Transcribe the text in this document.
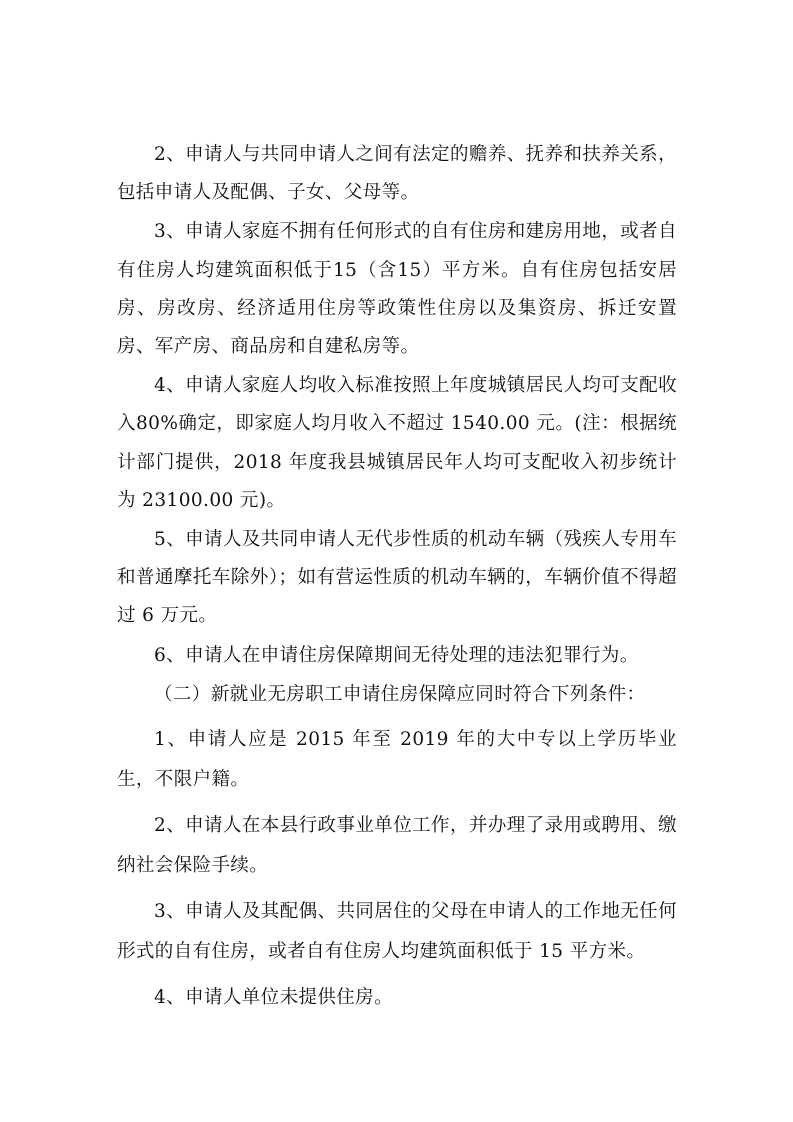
2、申请人与共同申请人之间有法定的赡养、抚养和扶养关系，包括申请人及配偶、子女、父母等。

3、申请人家庭不拥有任何形式的自有住房和建房用地，或者自有住房人均建筑面积低于15（含15）平方米。自有住房包括安居房、房改房、经济适用住房等政策性住房以及集资房、拆迁安置房、军产房、商品房和自建私房等。

4、申请人家庭人均收入标准按照上年度城镇居民人均可支配收入80%确定，即家庭人均月收入不超过 1540.00 元。(注：根据统计部门提供，2018 年度我县城镇居民年人均可支配收入初步统计为 23100.00 元)。

5、申请人及共同申请人无代步性质的机动车辆（残疾人专用车和普通摩托车除外）；如有营运性质的机动车辆的，车辆价值不得超过 6 万元。

6、申请人在申请住房保障期间无待处理的违法犯罪行为。

（二）新就业无房职工申请住房保障应同时符合下列条件：

1、申请人应是 2015 年至 2019 年的大中专以上学历毕业生，不限户籍。

2、申请人在本县行政事业单位工作，并办理了录用或聘用、缴纳社会保险手续。

3、申请人及其配偶、共同居住的父母在申请人的工作地无任何形式的自有住房，或者自有住房人均建筑面积低于 15 平方米。

4、申请人单位未提供住房。
